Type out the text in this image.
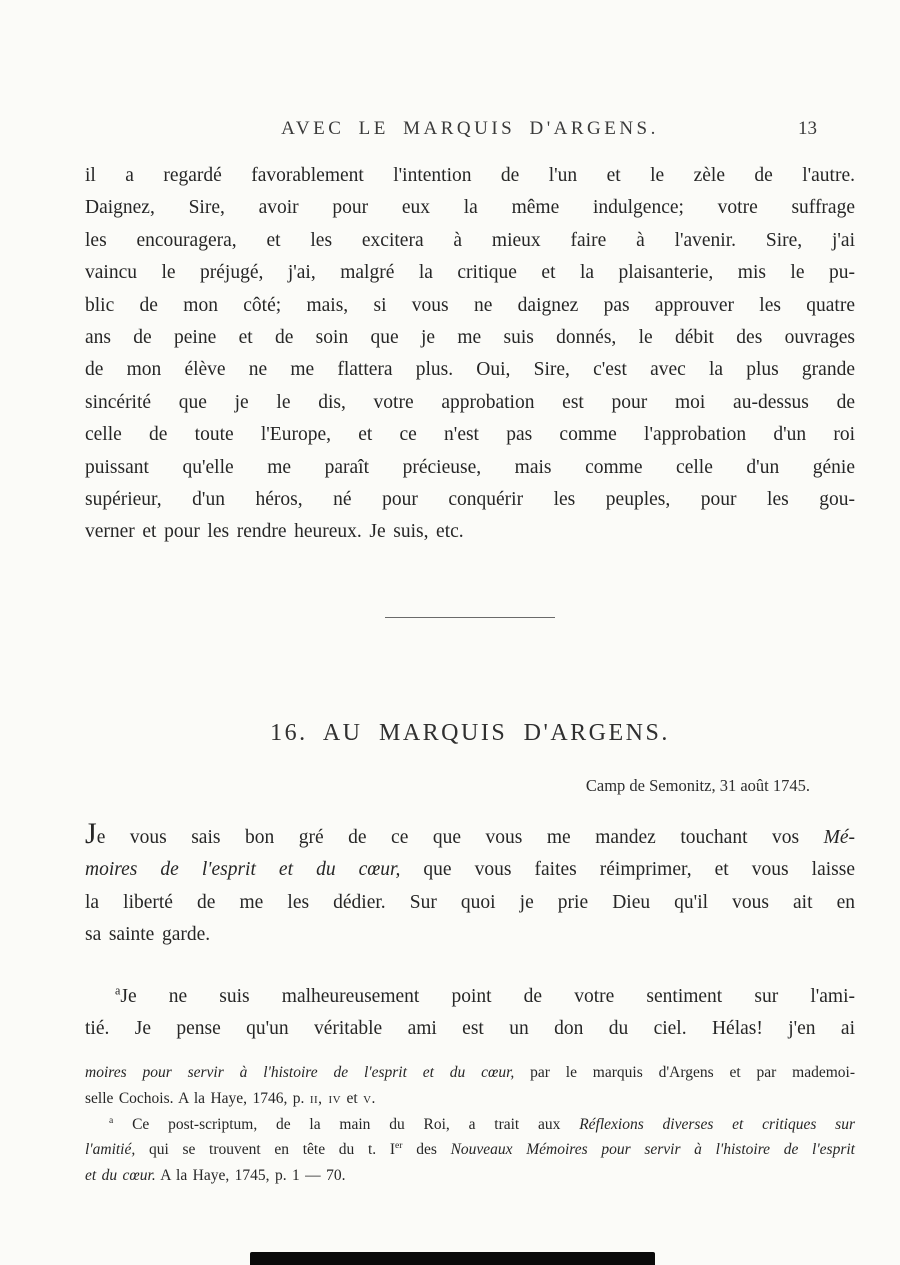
AVEC LE MARQUIS D'ARGENS.	13
il a regardé favorablement l'intention de l'un et le zèle de l'autre.
Daignez, Sire, avoir pour eux la même indulgence; votre suffrage
les encouragera, et les excitera à mieux faire à l'avenir. Sire, j'ai
vaincu le préjugé, j'ai, malgré la critique et la plaisanterie, mis le pu-
blic de mon côté; mais, si vous ne daignez pas approuver les quatre
ans de peine et de soin que je me suis donnés, le débit des ouvrages
de mon élève ne me flattera plus. Oui, Sire, c'est avec la plus grande
sincérité que je le dis, votre approbation est pour moi au-dessus de
celle de toute l'Europe, et ce n'est pas comme l'approbation d'un roi
puissant qu'elle me paraît précieuse, mais comme celle d'un génie
supérieur, d'un héros, né pour conquérir les peuples, pour les gou-
verner et pour les rendre heureux. Je suis, etc.
16. AU MARQUIS D'ARGENS.
Camp de Semonitz, 31 août 1745.
Je vous sais bon gré de ce que vous me mandez touchant vos Mé-
moires de l'esprit et du cœur, que vous faites réimprimer, et vous laisse
la liberté de me les dédier. Sur quoi je prie Dieu qu'il vous ait en
sa sainte garde.
$^a$Je ne suis malheureusement point de votre sentiment sur l'ami-
tié. Je pense qu'un véritable ami est un don du ciel. Hélas! j'en ai
moires pour servir à l'histoire de l'esprit et du cœur, par le marquis d'Argens et par mademoi-
selle Cochois. A la Haye, 1746, p. ii, iv et v.
$^a$ Ce post-scriptum, de la main du Roi, a trait aux Réflexions diverses et critiques sur
l'amitié, qui se trouvent en tête du t. Ier des Nouveaux Mémoires pour servir à l'histoire de l'esprit
et du cœur. A la Haye, 1745, p. 1 — 70.
